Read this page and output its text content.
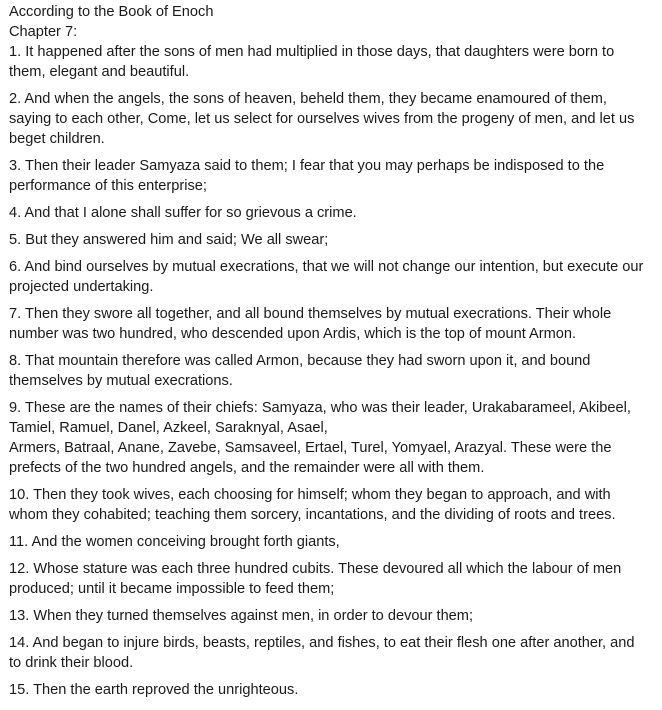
According to the Book of Enoch
Chapter 7:

1. It happened after the sons of men had multiplied in those days, that daughters were born to them, elegant and beautiful.

2. And when the angels, the sons of heaven, beheld them, they became enamoured of them, saying to each other, Come, let us select for ourselves wives from the progeny of men, and let us beget children.

3. Then their leader Samyaza said to them; I fear that you may perhaps be indisposed to the performance of this enterprise;

4. And that I alone shall suffer for so grievous a crime.

5. But they answered him and said; We all swear;

6. And bind ourselves by mutual execrations, that we will not change our intention, but execute our projected undertaking.

7. Then they swore all together, and all bound themselves by mutual execrations. Their whole number was two hundred, who descended upon Ardis, which is the top of mount Armon.

8. That mountain therefore was called Armon, because they had sworn upon it, and bound themselves by mutual execrations.

9. These are the names of their chiefs: Samyaza, who was their leader, Urakabarameel, Akibeel, Tamiel, Ramuel, Danel, Azkeel, Saraknyal, Asael,
Armers, Batraal, Anane, Zavebe, Samsaveel, Ertael, Turel, Yomyael, Arazyal. These were the prefects of the two hundred angels, and the remainder were all with them.

10. Then they took wives, each choosing for himself; whom they began to approach, and with whom they cohabited; teaching them sorcery, incantations, and the dividing of roots and trees.

11. And the women conceiving brought forth giants,

12. Whose stature was each three hundred cubits. These devoured all which the labour of men produced; until it became impossible to feed them;

13. When they turned themselves against men, in order to devour them;

14. And began to injure birds, beasts, reptiles, and fishes, to eat their flesh one after another, and to drink their blood.

15. Then the earth reproved the unrighteous.
